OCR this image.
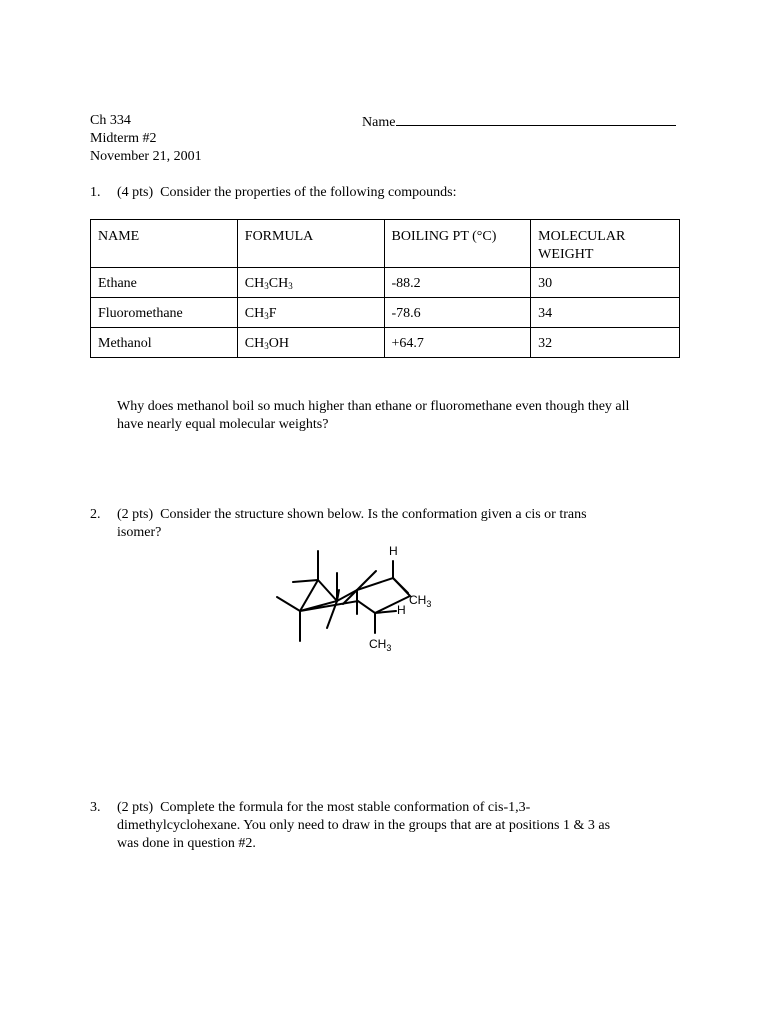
Ch 334
Midterm #2
November 21, 2001
Name
1. (4 pts) Consider the properties of the following compounds:
NAME	FORMULA	BOILING PT (°C)	MOLECULAR
WEIGHT
Ethane	$CH_3CH_3$	-88.2	30
Fluoromethane	$CH_3F$	-78.6	34
Methanol	$CH_3OH$	+64.7	32
Why does methanol boil so much higher than ethane or fluoromethane even though they all
have nearly equal molecular weights?
2. (2 pts) Consider the structure shown below. Is the conformation given a cis or trans
isomer?
H
$CH_3$
H
$CH_3$
3. (2 pts) Complete the formula for the most stable conformation of cis-1,3-
dimethylcyclohexane. You only need to draw in the groups that are at positions 1 & 3 as
was done in question #2.
